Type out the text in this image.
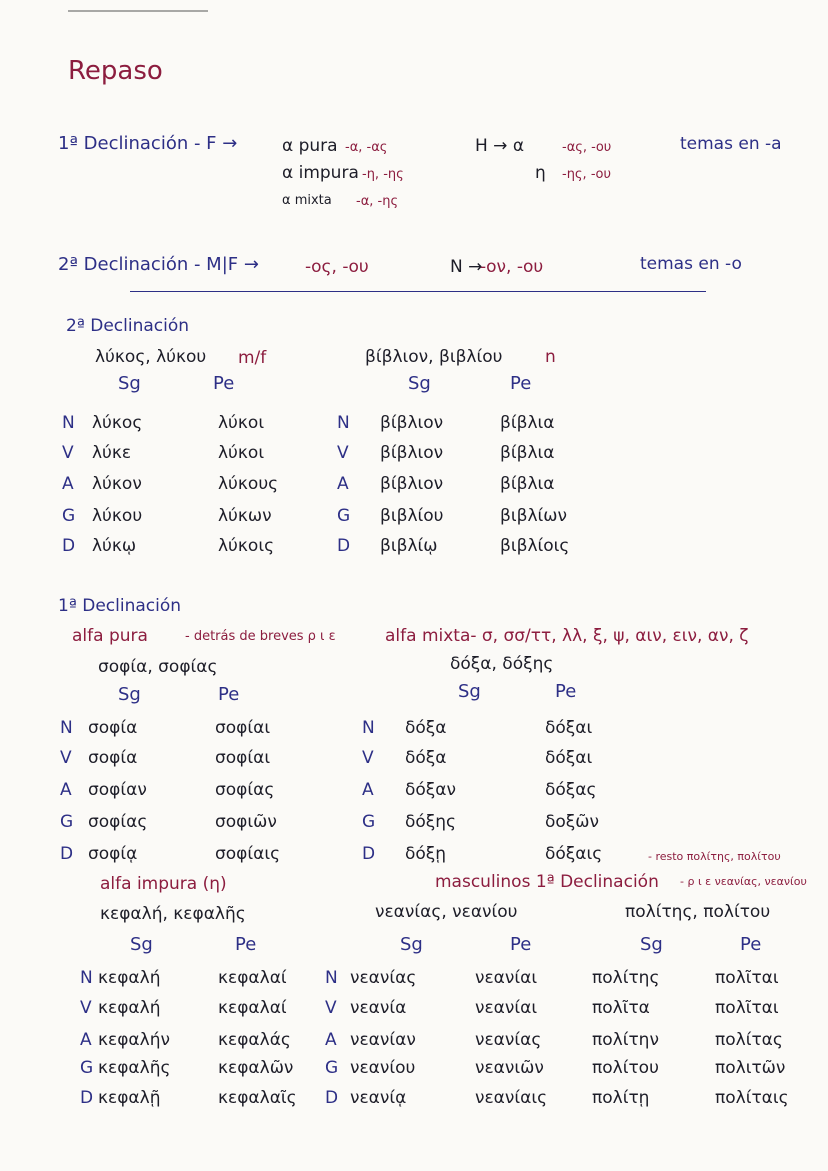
Repaso
1ª Declinación - F →	α pura -α, -ας
α impura -η, -ης
α mixta -α, -ης
H → α	-ας, -ου
η -ης, -ου
temas en -a
2ª Declinación - M|F →	-ος, -ου	N →
-ον, -ου	temas en -o
2ª Declinación
λύκος, λύκου m/f	βίβλιον, βιβλίου	n
1ª Declinación
alfa pura	- detrás de breves ρ ι ε	alfa mixta- σ, σσ/ττ, λλ, ξ, ψ, αιν, ειν, αν, ζ
σοφία, σοφίας	δόξα, δόξης
- resto πολίτης, πολίτου
alfa impura (η)	masculinos 1ª Declinación - ρ ι ε νεανίας, νεανίου
κεφαλή, κεφαλῆς	νεανίας, νεανίου	πολίτης, πολίτου
Sg	Pe
N λύκος	λύκοι
V λύκε	λύκοι
A λύκον	λύκους
G λύκου	λύκων
D λύκῳ	λύκοις
Sg	Pe
N βίβλιον	βίβλια
V βίβλιον	βίβλια
A βίβλιον	βίβλια
G βιβλίου	βιβλίων
D βιβλίῳ	βιβλίοις
Sg	Pe
N σοφία	σοφίαι
V σοφία	σοφίαι
A σοφίαν	σοφίας
G σοφίας	σοφιῶν
D σοφίᾳ	σοφίαις
Sg	Pe
N δόξα	δόξαι
V δόξα	δόξαι
A δόξαν	δόξας
G δόξης	δοξῶν
D δόξῃ	δόξαις
Sg	Pe
N κεφαλή	κεφαλαί
V κεφαλή	κεφαλαί
A κεφαλήν	κεφαλάς
G κεφαλῆς	κεφαλῶν
D κεφαλῇ	κεφαλαῖς
Sg	Pe
N νεανίας	νεανίαι
V νεανία	νεανίαι
A νεανίαν	νεανίας
G νεανίου	νεανιῶν
D νεανίᾳ	νεανίαις
Sg	Pe
πολίτης	πολῖται
πολῖτα	πολῖται
πολίτην	πολίτας
πολίτου	πολιτῶν
πολίτῃ	πολίταις
